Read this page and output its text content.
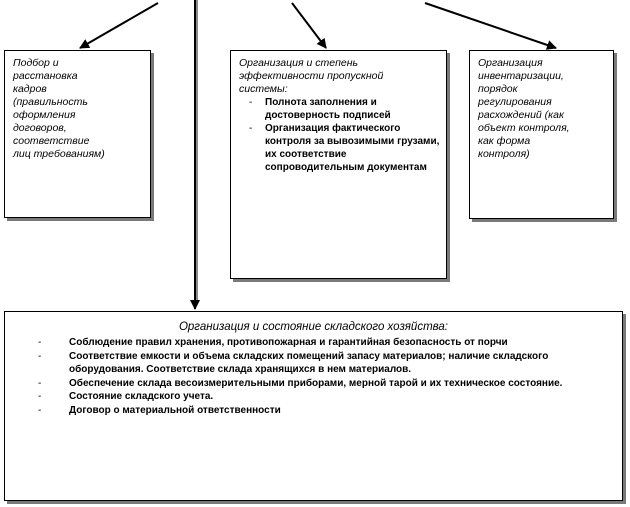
Подбор и
расстановка
кадров
(правильность
оформления
договоров,
соответствие
лиц требованиям)

Организация и степень
эффективности пропускной
системы:

- Полнота заполнения и достоверность подписей
- Организация фактического контроля за вывозимыми грузами, их соответствие сопроводительным документам

Организация
инвентаризации,
порядок
регулирования
расхождений (как
объект контроля,
как форма
контроля)

Организация и состояние складского хозяйства:

- Соблюдение правил хранения, противопожарная и гарантийная безопасность от порчи
- Соответствие емкости и объема складских помещений запасу материалов; наличие складского оборудования. Соответствие склада хранящихся в нем материалов.
- Обеспечение склада весоизмерительными приборами, мерной тарой и их техническое состояние.
- Состояние складского учета.
- Договор о материальной ответственности
